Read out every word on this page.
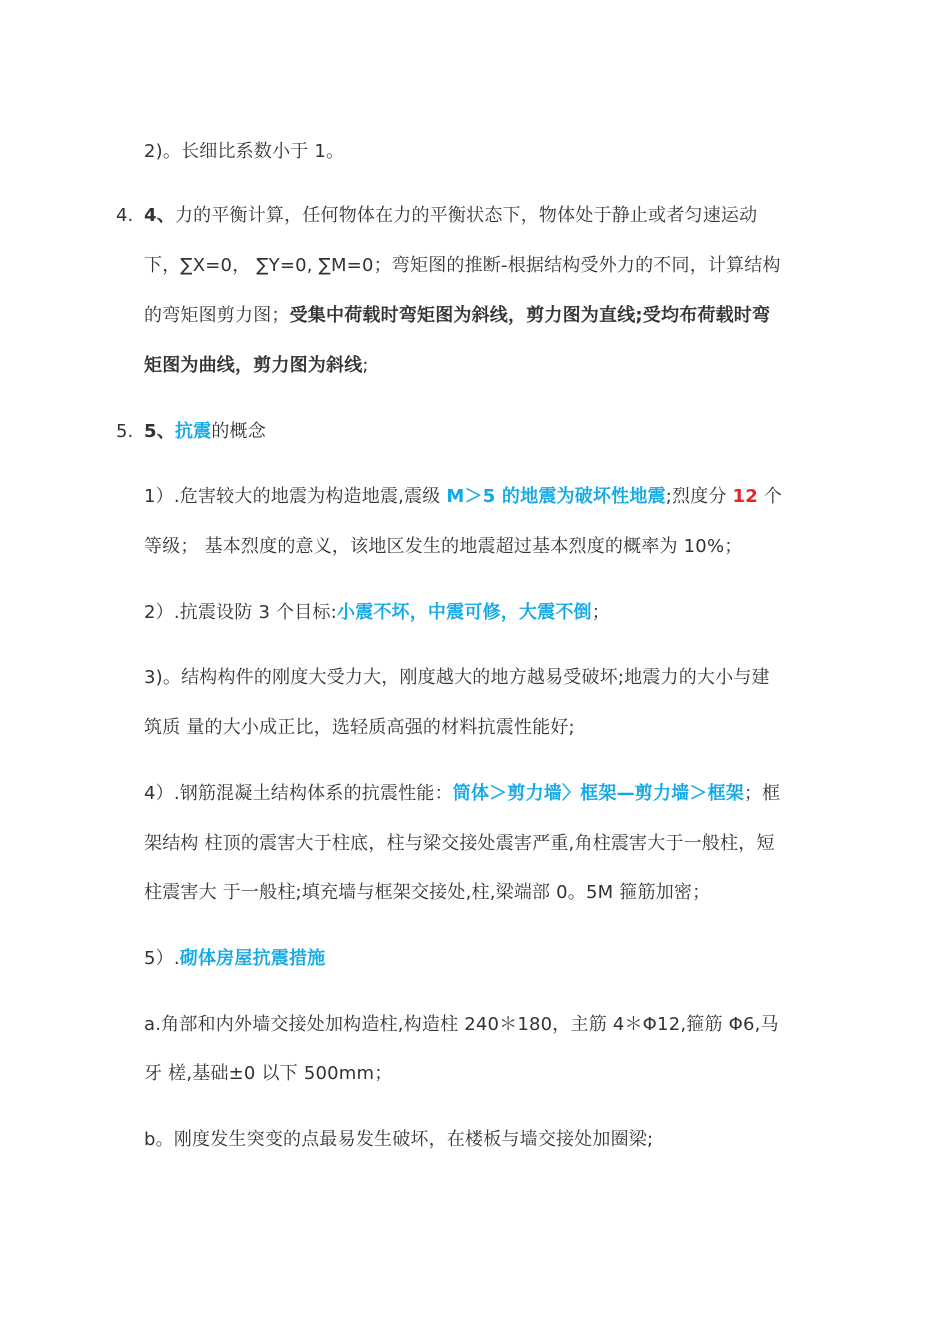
2)。长细比系数小于 1。
4. 4、力的平衡计算，任何物体在力的平衡状态下，物体处于静止或者匀速运动
下，∑X=0， ∑Y=0, ∑M=0；弯矩图的推断-根据结构受外力的不同，计算结构
的弯矩图剪力图；受集中荷载时弯矩图为斜线，剪力图为直线;受均布荷载时弯
矩图为曲线，剪力图为斜线;
5. 5、抗震的概念
1）.危害较大的地震为构造地震,震级 M＞5 的地震为破坏性地震;烈度分 12 个
等级； 基本烈度的意义，该地区发生的地震超过基本烈度的概率为 10%；
2）.抗震设防 3 个目标:小震不坏，中震可修，大震不倒；
3)。结构构件的刚度大受力大，刚度越大的地方越易受破坏;地震力的大小与建
筑质 量的大小成正比，选轻质高强的材料抗震性能好;
4）.钢筋混凝土结构体系的抗震性能：筒体＞剪力墙〉框架—剪力墙＞框架；框
架结构 柱顶的震害大于柱底，柱与梁交接处震害严重,角柱震害大于一般柱，短
柱震害大 于一般柱;填充墙与框架交接处,柱,梁端部 0。5M 箍筋加密；
5）.砌体房屋抗震措施
a.角部和内外墙交接处加构造柱,构造柱 240＊180，主筋 4＊Φ12,箍筋 Φ6,马
牙 槎,基础±0 以下 500mm；
b。刚度发生突变的点最易发生破坏，在楼板与墙交接处加圈梁;
